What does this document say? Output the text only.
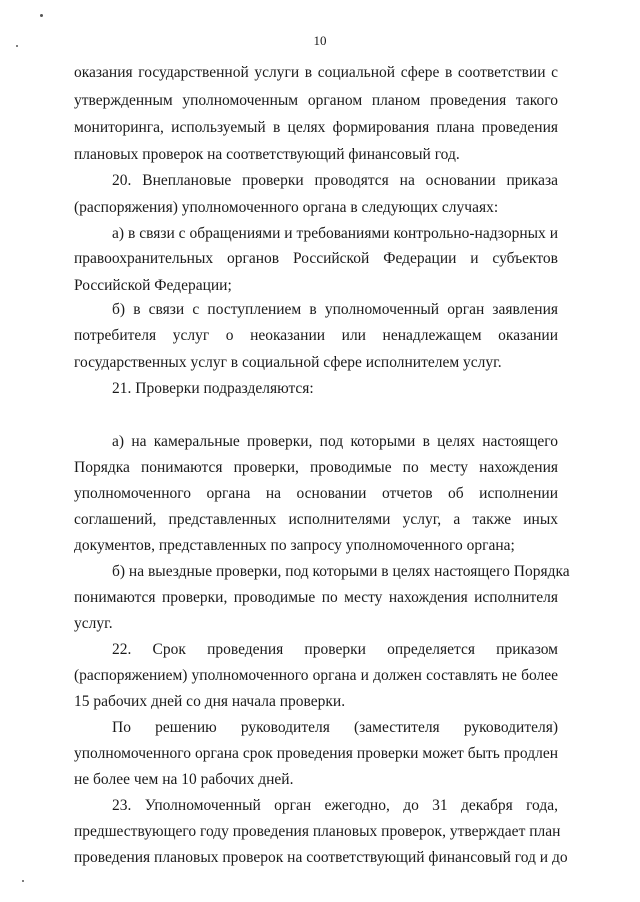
10
оказания государственной услуги в социальной сфере в соответствии с
утвержденным уполномоченным органом планом проведения такого
мониторинга, используемый в целях формирования плана проведения
плановых проверок на соответствующий финансовый год.
20. Внеплановые проверки проводятся на основании приказа
(распоряжения) уполномоченного органа в следующих случаях:
а) в связи с обращениями и требованиями контрольно-надзорных и
правоохранительных органов Российской Федерации и субъектов
Российской Федерации;
б) в связи с поступлением в уполномоченный орган заявления
потребителя услуг о неоказании или ненадлежащем оказании
государственных услуг в социальной сфере исполнителем услуг.
21. Проверки подразделяются:
а) на камеральные проверки, под которыми в целях настоящего
Порядка понимаются проверки, проводимые по месту нахождения
уполномоченного органа на основании отчетов об исполнении
соглашений, представленных исполнителями услуг, а также иных
документов, представленных по запросу уполномоченного органа;
б) на выездные проверки, под которыми в целях настоящего Порядка
понимаются проверки, проводимые по месту нахождения исполнителя
услуг.
22. Срок проведения проверки определяется приказом
(распоряжением) уполномоченного органа и должен составлять не более
15 рабочих дней со дня начала проверки.
По решению руководителя (заместителя руководителя)
уполномоченного органа срок проведения проверки может быть продлен
не более чем на 10 рабочих дней.
23. Уполномоченный орган ежегодно, до 31 декабря года,
предшествующего году проведения плановых проверок, утверждает план
проведения плановых проверок на соответствующий финансовый год и до
